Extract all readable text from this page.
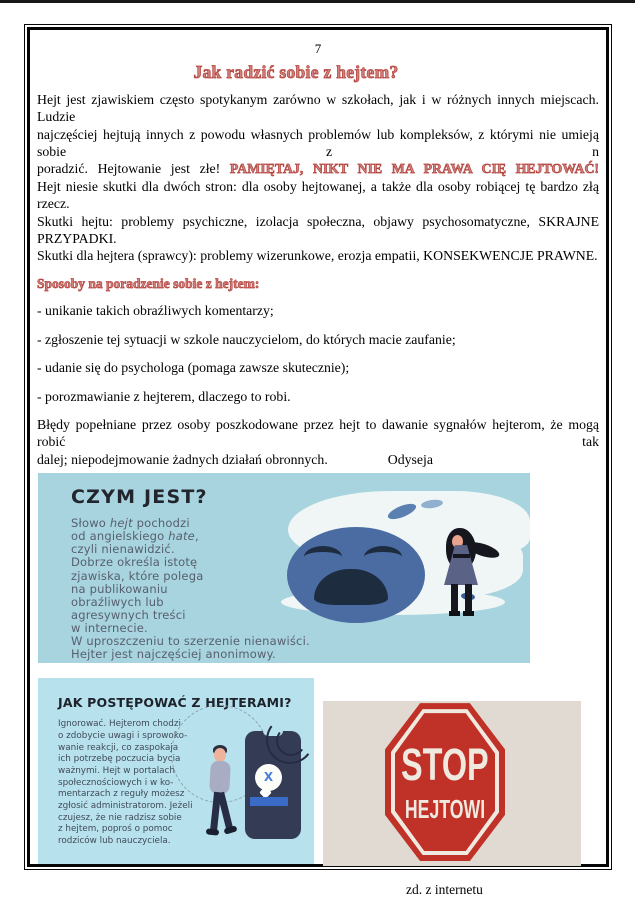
7
Jak radzić sobie z hejtem?
Hejt jest zjawiskiem często spotykanym zarówno w szkołach, jak i w różnych innych miejscach. Ludzie
najczęściej hejtują innych z powodu własnych problemów lub kompleksów, z którymi nie umieją sobie z n
poradzić. Hejtowanie jest złe! PAMIĘTAJ, NIKT NIE MA PRAWA CIĘ HEJTOWAĆ!
Hejt niesie skutki dla dwóch stron: dla osoby hejtowanej, a także dla osoby robiącej tę bardzo złą rzecz.
Skutki hejtu: problemy psychiczne, izolacja społeczna, objawy psychosomatyczne, SKRAJNE PRZYPADKI.
Skutki dla hejtera (sprawcy): problemy wizerunkowe, erozja empatii, KONSEKWENCJE PRAWNE.
Sposoby na poradzenie sobie z hejtem:
- unikanie takich obraźliwych komentarzy;
- zgłoszenie tej sytuacji w szkole nauczycielom, do których macie zaufanie;
- udanie się do psychologa (pomaga zawsze skutecznie);
- porozmawianie z hejterem, dlaczego to robi.
Błędy popełniane przez osoby poszkodowane przez hejt to dawanie sygnałów hejterom, że mogą robić tak
dalej; niepodejmowanie żadnych działań obronnych.	Odyseja
CZYM JEST?
Słowo hejt pochodzi
od angielskiego hate,
czyli nienawidzić.
Dobrze określa istotę
zjawiska, które polega
na publikowaniu
obraźliwych lub
agresywnych treści
w internecie.
W uproszczeniu to szerzenie nienawiści.
Hejter jest najczęściej anonimowy.
X
JAK POSTĘPOWAĆ Z HEJTERAMI?
Ignorować. Hejterom chodzi
o zdobycie uwagi i sprowoko-
wanie reakcji, co zaspokaja
ich potrzebę poczucia bycia
ważnymi. Hejt w portalach
społecznościowych i w ko-
mentarzach z reguły możesz
zgłosić administratorom. Jeżeli
czujesz, że nie radzisz sobie
z hejtem, poproś o pomoc
rodziców lub nauczyciela.
STOP
HEJTOWI
zd. z internetu
